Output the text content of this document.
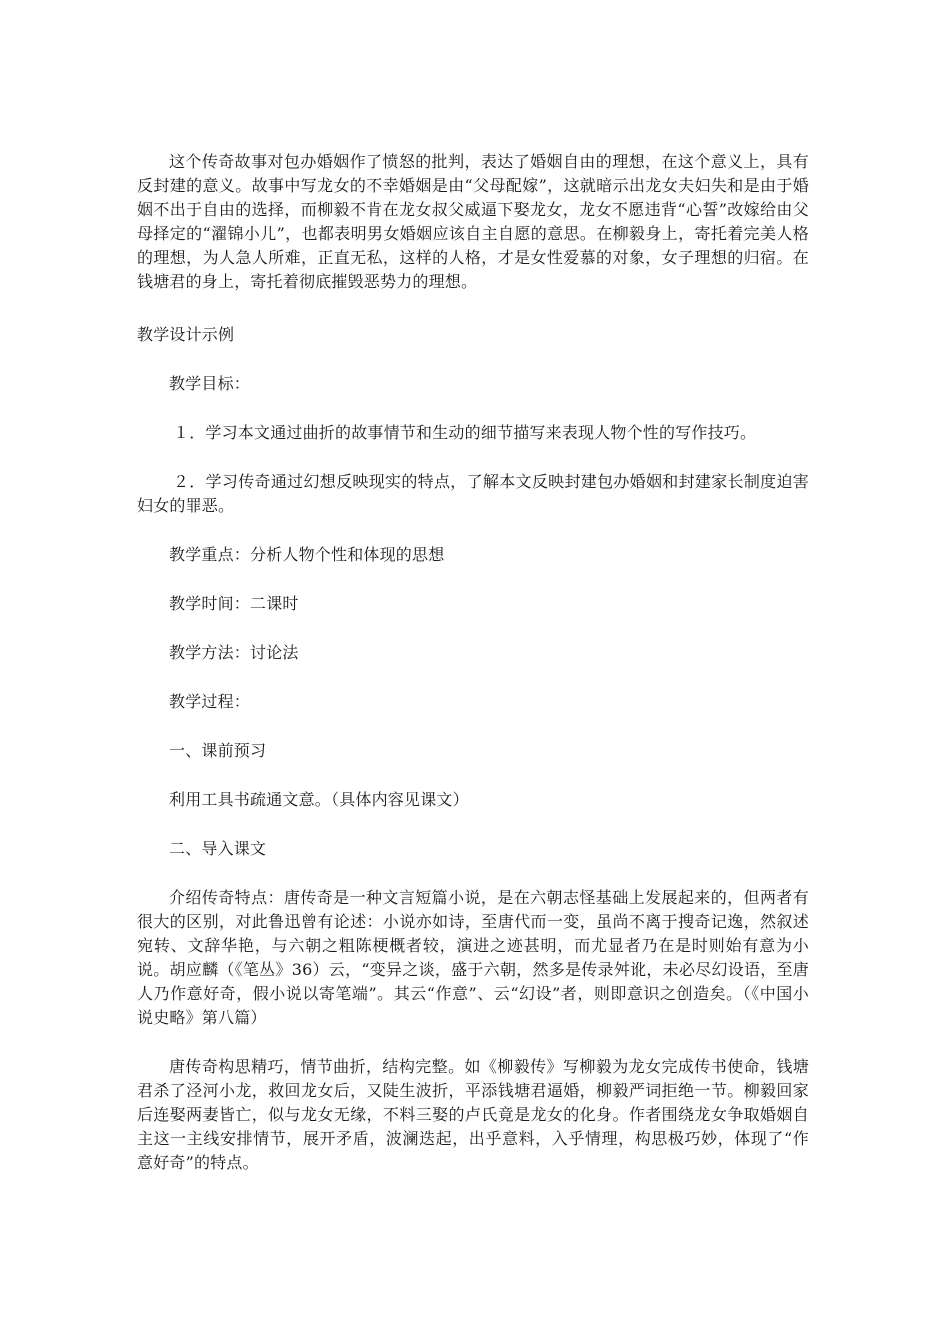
这个传奇故事对包办婚姻作了愤怒的批判，表达了婚姻自由的理想，在这个意义上，具有反封建的意义。故事中写龙女的不幸婚姻是由“父母配嫁”，这就暗示出龙女夫妇失和是由于婚姻不出于自由的选择，而柳毅不肯在龙女叔父威逼下娶龙女，龙女不愿违背“心誓”改嫁给由父母择定的“濯锦小儿”，也都表明男女婚姻应该自主自愿的意思。在柳毅身上，寄托着完美人格的理想，为人急人所难，正直无私，这样的人格，才是女性爱慕的对象，女子理想的归宿。在钱塘君的身上，寄托着彻底摧毁恶势力的理想。

教学设计示例

教学目标：

１．学习本文通过曲折的故事情节和生动的细节描写来表现人物个性的写作技巧。

２．学习传奇通过幻想反映现实的特点，了解本文反映封建包办婚姻和封建家长制度迫害妇女的罪恶。

教学重点：分析人物个性和体现的思想

教学时间：二课时

教学方法：讨论法

教学过程：

一、课前预习

利用工具书疏通文意。（具体内容见课文）

二、导入课文

介绍传奇特点：唐传奇是一种文言短篇小说，是在六朝志怪基础上发展起来的，但两者有很大的区别，对此鲁迅曾有论述：小说亦如诗，至唐代而一变，虽尚不离于搜奇记逸，然叙述宛转、文辞华艳，与六朝之粗陈梗概者较，演进之迹甚明，而尤显者乃在是时则始有意为小说。胡应麟（《笔丛》36）云，“变异之谈，盛于六朝，然多是传录舛讹，未必尽幻设语，至唐人乃作意好奇，假小说以寄笔端”。其云“作意”、云“幻设”者，则即意识之创造矣。（《中国小说史略》第八篇）

唐传奇构思精巧，情节曲折，结构完整。如《柳毅传》写柳毅为龙女完成传书使命，钱塘君杀了泾河小龙，救回龙女后，又陡生波折，平添钱塘君逼婚，柳毅严词拒绝一节。柳毅回家后连娶两妻皆亡，似与龙女无缘，不料三娶的卢氏竟是龙女的化身。作者围绕龙女争取婚姻自主这一主线安排情节，展开矛盾，波澜迭起，出乎意料，入乎情理，构思极巧妙，体现了“作意好奇”的特点。
